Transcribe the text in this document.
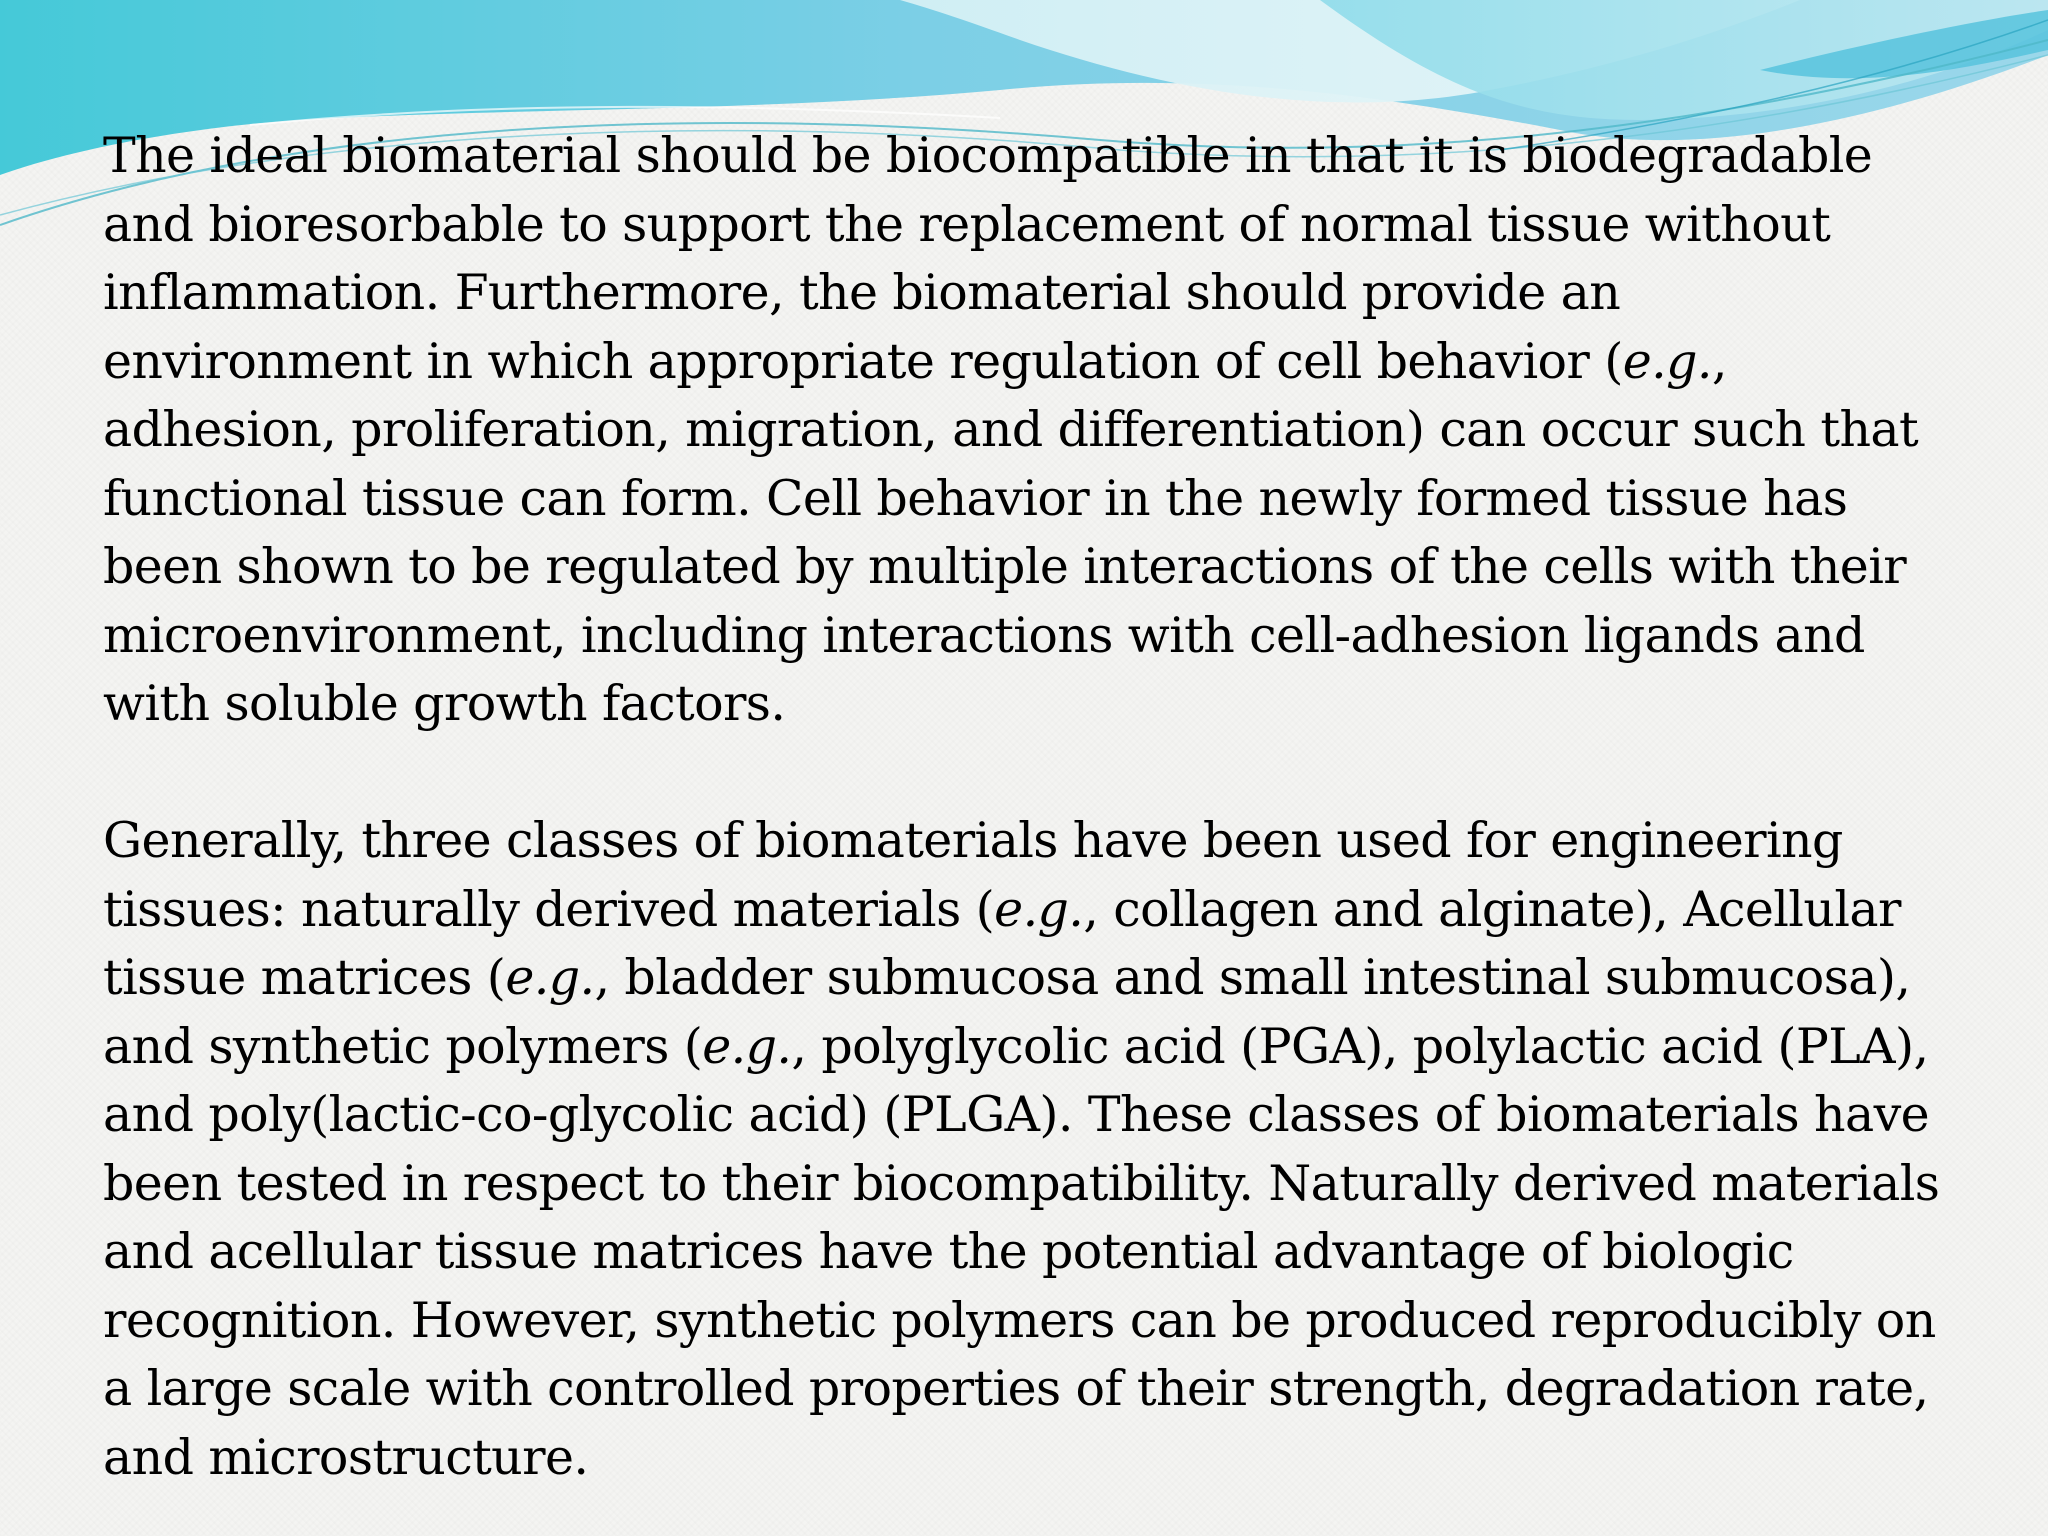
The ideal biomaterial should be biocompatible in that it is biodegradable
and bioresorbable to support the replacement of normal tissue without
inflammation. Furthermore, the biomaterial should provide an
environment in which appropriate regulation of cell behavior (e.g.,
adhesion, proliferation, migration, and differentiation) can occur such that
functional tissue can form. Cell behavior in the newly formed tissue has
been shown to be regulated by multiple interactions of the cells with their
microenvironment, including interactions with cell-adhesion ligands and
with soluble growth factors.

Generally, three classes of biomaterials have been used for engineering
tissues: naturally derived materials (e.g., collagen and alginate), Acellular
tissue matrices (e.g., bladder submucosa and small intestinal submucosa),
and synthetic polymers (e.g., polyglycolic acid (PGA), polylactic acid (PLA),
and poly(lactic-co-glycolic acid) (PLGA). These classes of biomaterials have
been tested in respect to their biocompatibility. Naturally derived materials
and acellular tissue matrices have the potential advantage of biologic
recognition. However, synthetic polymers can be produced reproducibly on
a large scale with controlled properties of their strength, degradation rate,
and microstructure.
